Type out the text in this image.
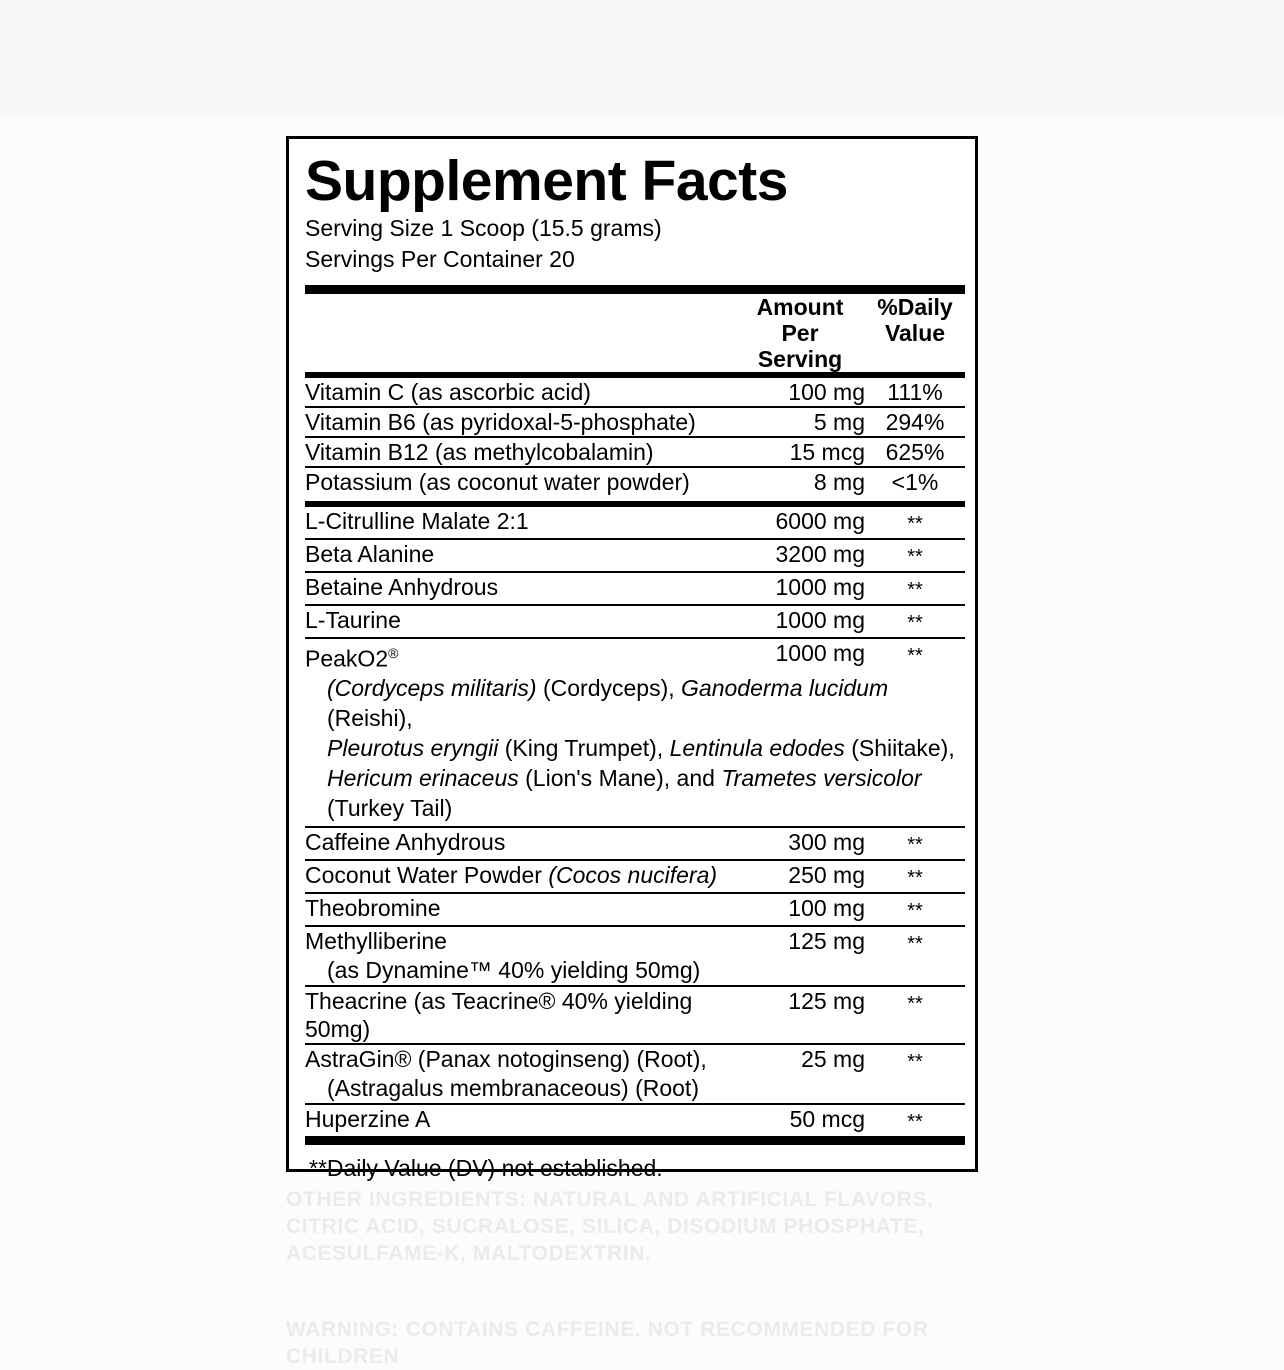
Supplement Facts
Serving Size 1 Scoop (15.5 grams)
Servings Per Container 20

Amount Per
Serving

%Daily
Value

Vitamin C (as ascorbic acid)	100 mg	111%

Vitamin B6 (as pyridoxal-5-phosphate)	5 mg	294%

Vitamin B12 (as methylcobalamin)	15 mcg	625%

Potassium (as coconut water powder)	8 mg	<1%

L-Citrulline Malate 2:1	6000 mg	**

Beta Alanine	3200 mg	**

Betaine Anhydrous	1000 mg	**

L-Taurine	1000 mg	**

PeakO2®	1000 mg	**

(Cordyceps militaris) (Cordyceps), Ganoderma lucidum (Reishi),
Pleurotus eryngii (King Trumpet), Lentinula edodes (Shiitake),
Hericum erinaceus (Lion's Mane), and Trametes versicolor (Turkey Tail)		

Caffeine Anhydrous	300 mg	**

Coconut Water Powder (Cocos nucifera)	250 mg	**

Theobromine	100 mg	**

Methylliberine
(as Dynamine™ 40% yielding 50mg)	125 mg	**

Theacrine (as Teacrine® 40% yielding 50mg)	125 mg	**

AstraGin® (Panax notoginseng) (Root),
(Astragalus membranaceous) (Root)	25 mg	**

Huperzine A	50 mcg	**
**Daily Value (DV) not established.
OTHER INGREDIENTS: NATURAL AND ARTIFICIAL FLAVORS, CITRIC ACID, SUCRALOSE, SILICA, DISODIUM PHOSPHATE, ACESULFAME-K, MALTODEXTRIN.
WARNING: CONTAINS CAFFEINE. NOT RECOMMENDED FOR CHILDREN
